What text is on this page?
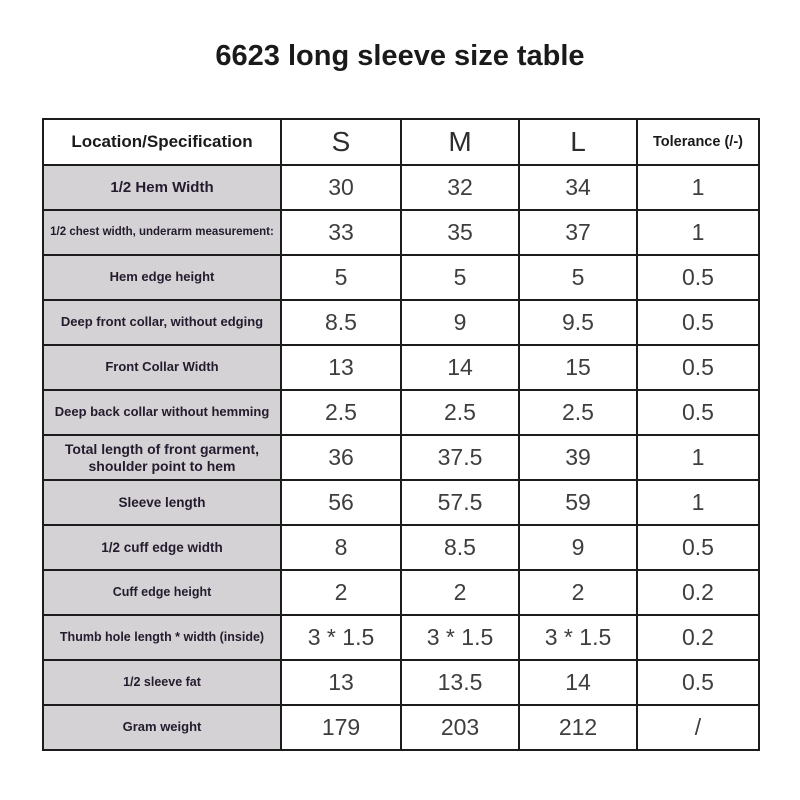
6623 long sleeve size table
Location/Specification	S	M	L	Tolerance (/-)
1/2 Hem Width	30	32	34	1
1/2 chest width, underarm measurement:	33	35	37	1
Hem edge height	5	5	5	0.5
Deep front collar, without edging	8.5	9	9.5	0.5
Front Collar Width	13	14	15	0.5
Deep back collar without hemming	2.5	2.5	2.5	0.5
Total length of front garment, shoulder point to hem	36	37.5	39	1
Sleeve length	56	57.5	59	1
1/2 cuff edge width	8	8.5	9	0.5
Cuff edge height	2	2	2	0.2
Thumb hole length * width (inside)	3 * 1.5	3 * 1.5	3 * 1.5	0.2
1/2 sleeve fat	13	13.5	14	0.5
Gram weight	179	203	212	/
